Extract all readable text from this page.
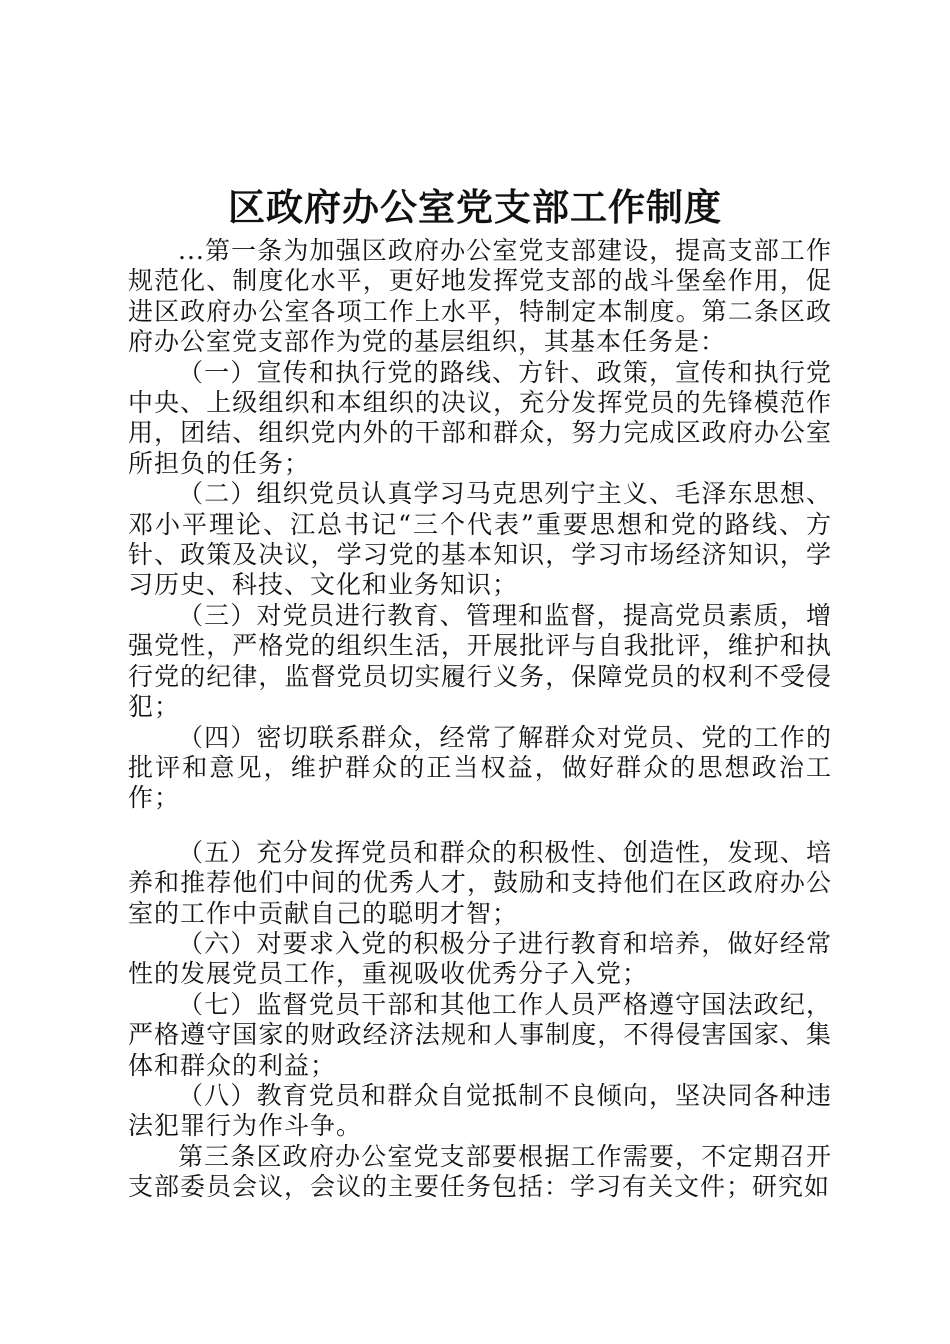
区政府办公室党支部工作制度

...第一条为加强区政府办公室党支部建设，提高支部工作规范化、制度化水平，更好地发挥党支部的战斗堡垒作用，促进区政府办公室各项工作上水平，特制定本制度。第二条区政府办公室党支部作为党的基层组织，其基本任务是：

（一）宣传和执行党的路线、方针、政策，宣传和执行党中央、上级组织和本组织的决议，充分发挥党员的先锋模范作用，团结、组织党内外的干部和群众，努力完成区政府办公室所担负的任务；

（二）组织党员认真学习马克思列宁主义、毛泽东思想、邓小平理论、江总书记“三个代表”重要思想和党的路线、方针、政策及决议，学习党的基本知识，学习市场经济知识，学习历史、科技、文化和业务知识；

（三）对党员进行教育、管理和监督，提高党员素质，增强党性，严格党的组织生活，开展批评与自我批评，维护和执行党的纪律，监督党员切实履行义务，保障党员的权利不受侵犯；

（四）密切联系群众，经常了解群众对党员、党的工作的批评和意见，维护群众的正当权益，做好群众的思想政治工作；

（五）充分发挥党员和群众的积极性、创造性，发现、培养和推荐他们中间的优秀人才，鼓励和支持他们在区政府办公室的工作中贡献自己的聪明才智；

（六）对要求入党的积极分子进行教育和培养，做好经常性的发展党员工作，重视吸收优秀分子入党；

（七）监督党员干部和其他工作人员严格遵守国法政纪，严格遵守国家的财政经济法规和人事制度，不得侵害国家、集体和群众的利益；

（八）教育党员和群众自觉抵制不良倾向，坚决同各种违法犯罪行为作斗争。

第三条区政府办公室党支部要根据工作需要，不定期召开支部委员会议，会议的主要任务包括：学习有关文件；研究如
